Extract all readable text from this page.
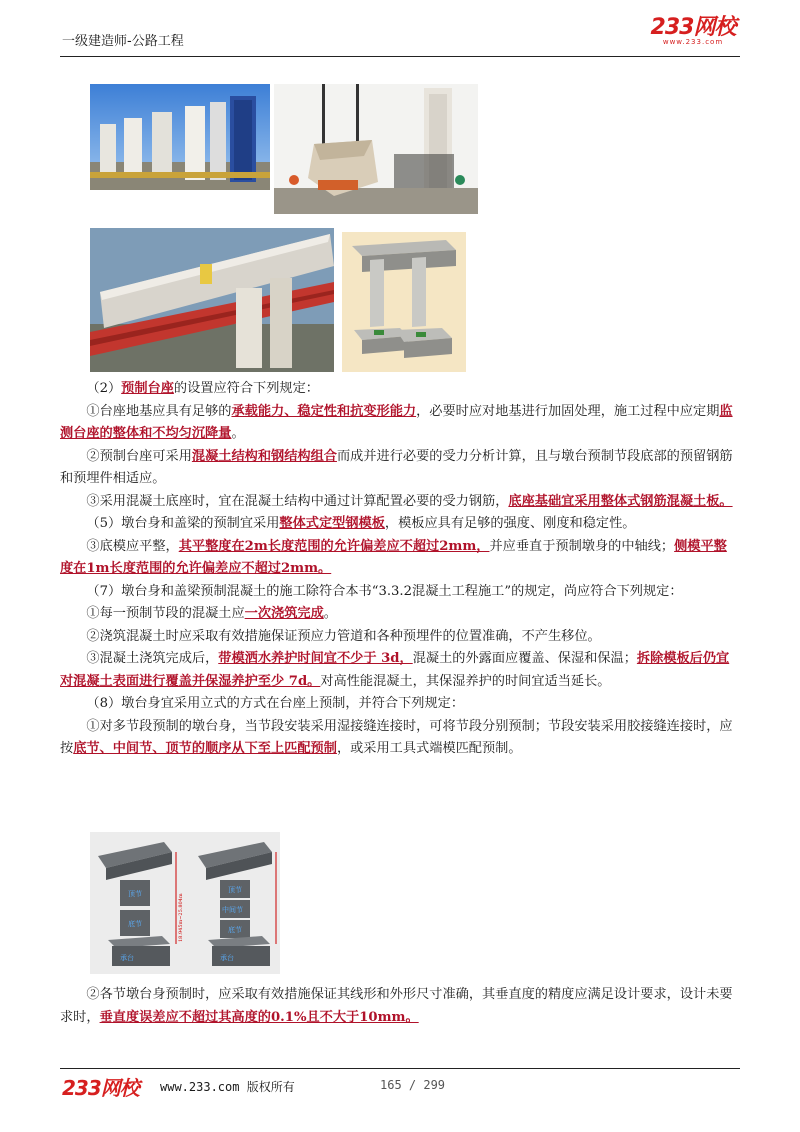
一级建造师-公路工程
233网校
www.233.com

（2）预制台座的设置应符合下列规定：

①台座地基应具有足够的承载能力、稳定性和抗变形能力，必要时应对地基进行加固处理，施工过程中应定期监测台座的整体和不均匀沉降量。

②预制台座可采用混凝土结构和钢结构组合而成并进行必要的受力分析计算，且与墩台预制节段底部的预留钢筋和预埋件相适应。

③采用混凝土底座时，宜在混凝土结构中通过计算配置必要的受力钢筋，底座基础宜采用整体式钢筋混凝土板。

（5）墩台身和盖梁的预制宜采用整体式定型钢模板，模板应具有足够的强度、刚度和稳定性。

③底模应平整，其平整度在2m长度范围的允许偏差应不超过2mm，并应垂直于预制墩身的中轴线；侧模平整度在1m长度范围的允许偏差应不超过2mm。

（7）墩台身和盖梁预制混凝土的施工除符合本书“3.3.2混凝土工程施工”的规定，尚应符合下列规定：

①每一预制节段的混凝土应一次浇筑完成。

②浇筑混凝土时应采取有效措施保证预应力管道和各种预埋件的位置准确，不产生移位。

③混凝土浇筑完成后，带模洒水养护时间宜不少于 3d，混凝土的外露面应覆盖、保湿和保温；拆除模板后仍宜对混凝土表面进行覆盖并保湿养护至少 7d。对高性能混凝土，其保湿养护的时间宜适当延长。

（8）墩台身宜采用立式的方式在台座上预制，并符合下列规定：

①对多节段预制的墩台身，当节段安装采用湿接缝连接时，可将节段分别预制；节段安装采用胶接缝连接时，应按底节、中间节、顶节的顺序从下至上匹配预制，或采用工具式端模匹配预制。

顶节
底节
承台
18.945m~25.804m
顶节
中间节
底节
承台

②各节墩台身预制时，应采取有效措施保证其线形和外形尺寸准确，其垂直度的精度应满足设计要求，设计未要求时，垂直度误差应不超过其高度的0.1%且不大于10mm。

233网校 www.233.com 版权所有	165 / 299
